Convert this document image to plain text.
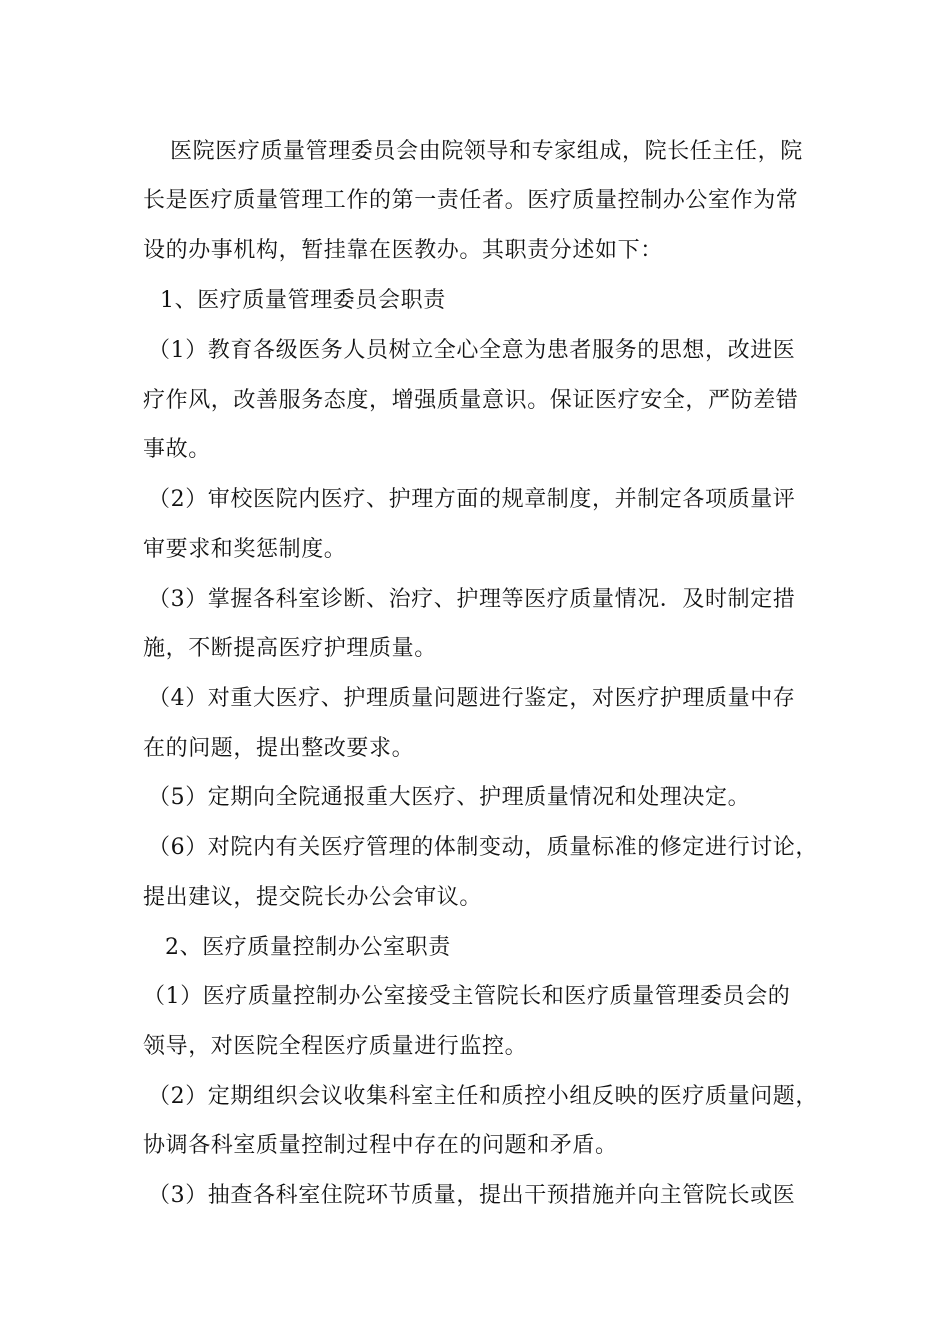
医院医疗质量管理委员会由院领导和专家组成，院长任主任，院
长是医疗质量管理工作的第一责任者。医疗质量控制办公室作为常
设的办事机构，暂挂靠在医教办。其职责分述如下：
1、医疗质量管理委员会职责
（1）教育各级医务人员树立全心全意为患者服务的思想，改进医
疗作风，改善服务态度，增强质量意识。保证医疗安全，严防差错
事故。
（2）审校医院内医疗、护理方面的规章制度，并制定各项质量评
审要求和奖惩制度。
（3）掌握各科室诊断、治疗、护理等医疗质量情况．及时制定措
施，不断提高医疗护理质量。
（4）对重大医疗、护理质量问题进行鉴定，对医疗护理质量中存
在的问题，提出整改要求。
（5）定期向全院通报重大医疗、护理质量情况和处理决定。
（6）对院内有关医疗管理的体制变动，质量标准的修定进行讨论，
提出建议，提交院长办公会审议。
2、医疗质量控制办公室职责
（1）医疗质量控制办公室接受主管院长和医疗质量管理委员会的
领导，对医院全程医疗质量进行监控。
（2）定期组织会议收集科室主任和质控小组反映的医疗质量问题，
协调各科室质量控制过程中存在的问题和矛盾。
（3）抽查各科室住院环节质量，提出干预措施并向主管院长或医
